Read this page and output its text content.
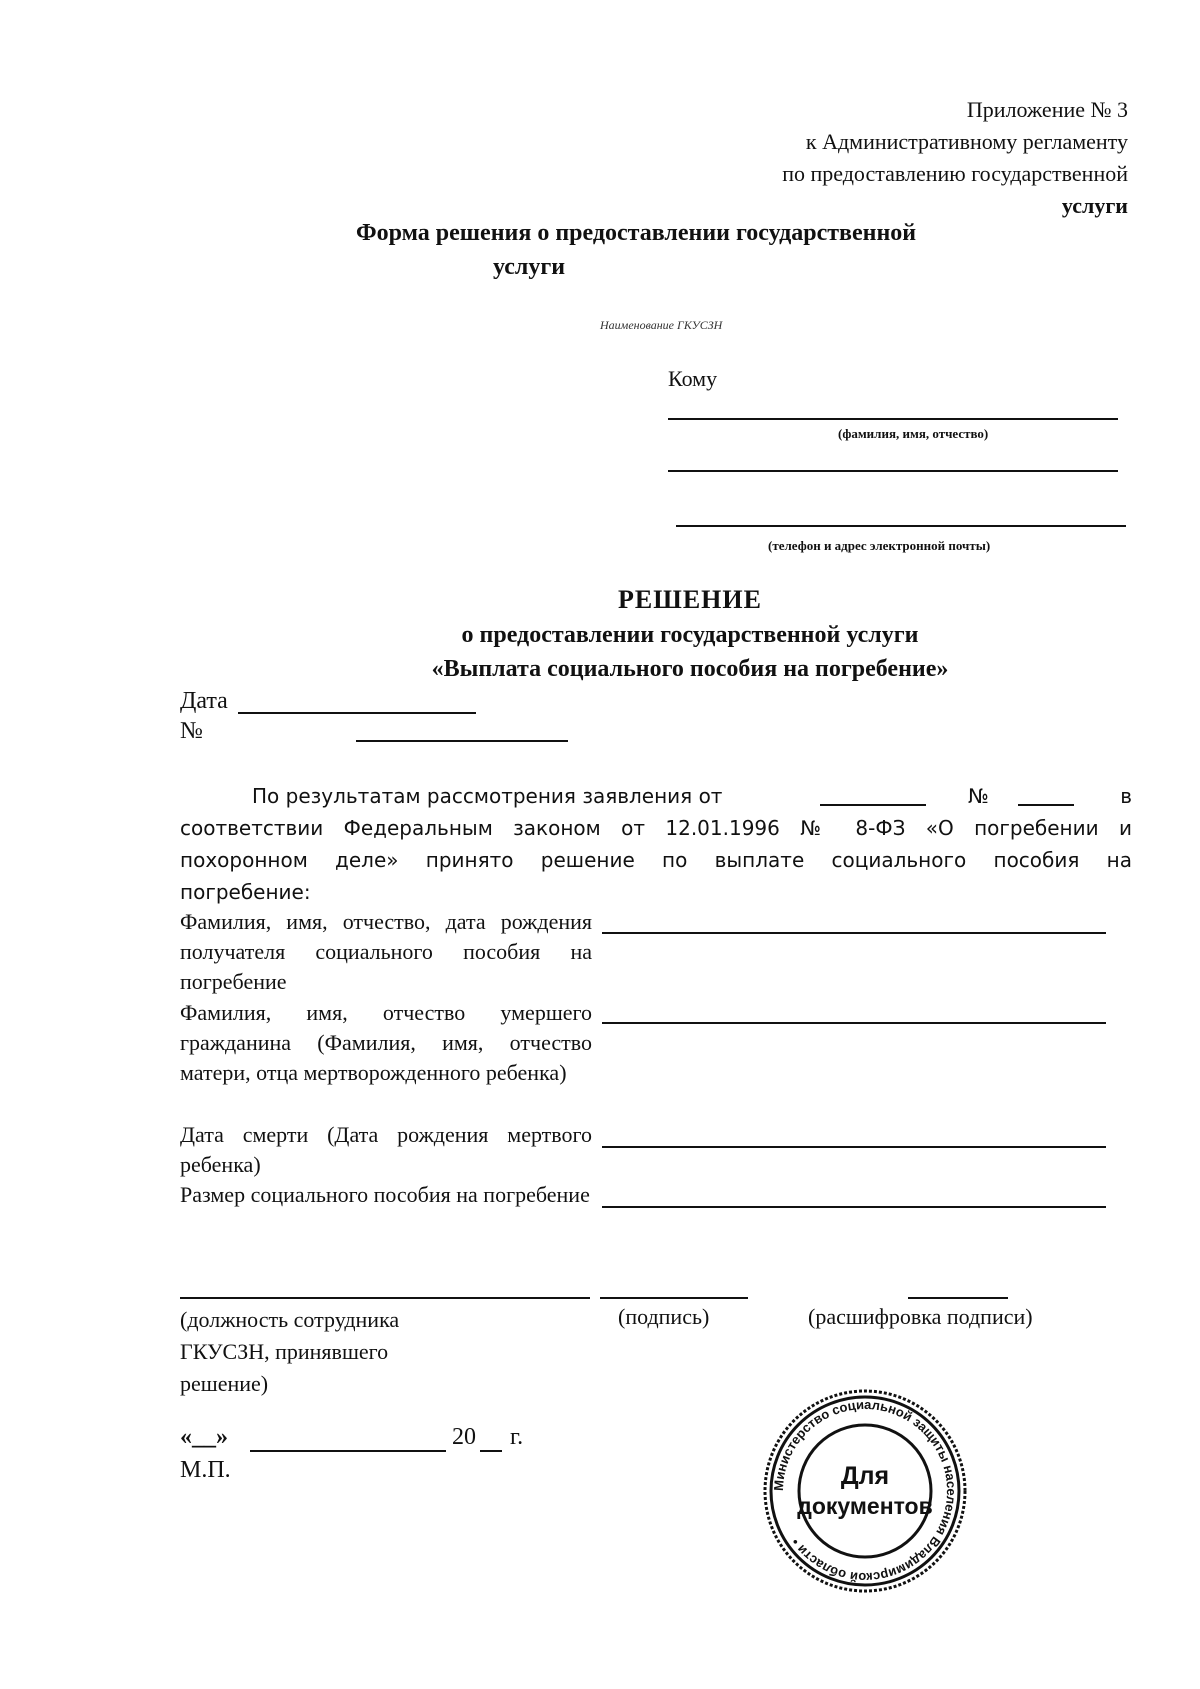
Приложение № 3
к Административному регламенту
по предоставлению государственной
услуги
Форма решения о предоставлении государственной
услуги
Наименование ГКУСЗН
Кому
(фамилия, имя, отчество)
(телефон и адрес электронной почты)
РЕШЕНИЕ
о предоставлении государственной услуги
«Выплата социального пособия на погребение»
Дата
№
По результатам рассмотрения заявления от	№	в
соответствии Федеральным законом от 12.01.1996 № 8-ФЗ «О погребении и
похоронном деле» принято решение по выплате социального пособия на
погребение:
Фамилия, имя, отчество, дата рождения получателя социального пособия на погребение
Фамилия, имя, отчество умершего гражданина (Фамилия, имя, отчество матери, отца мертворожденного ребенка)
Дата смерти (Дата рождения мертвого ребенка)
Размер социального пособия на погребение
(должность сотрудника ГКУСЗН, принявшего решение)
(подпись)	(расшифровка подписи)
«__»	20 г.
М.П.
Министерство социальной защиты населения Владимирской области •
Для
документов
